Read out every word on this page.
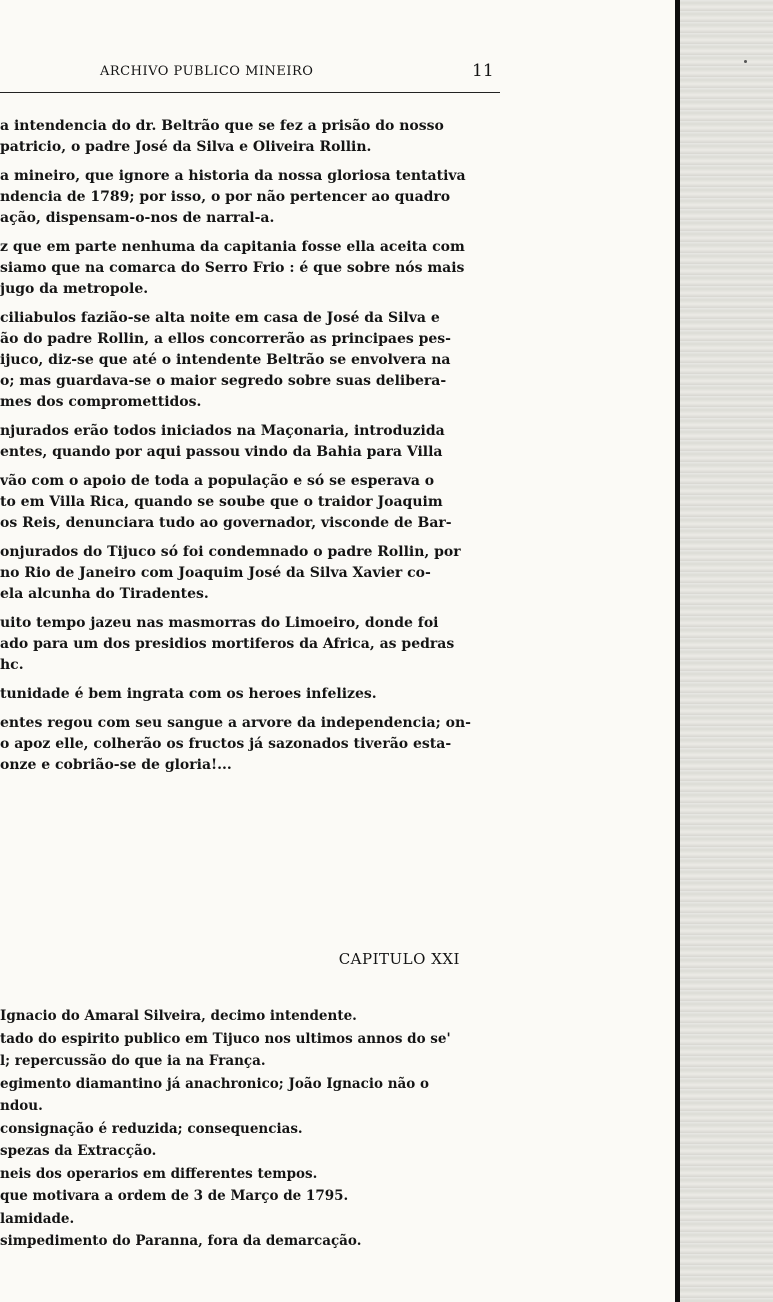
ARCHIVO PUBLICO MINEIRO	11
a intendencia do dr. Beltrão que se fez a prisão do nosso
patricio, o padre José da Silva e Oliveira Rollin.
a mineiro, que ignore a historia da nossa gloriosa tentativa
ndencia de 1789; por isso, o por não pertencer ao quadro
ação, dispensam-o-nos de narral-a.
z que em parte nenhuma da capitania fosse ella aceita com
siamo que na comarca do Serro Frio : é que sobre nós mais
jugo da metropole.
ciliabulos fazião-se alta noite em casa de José da Silva e
ão do padre Rollin, a ellos concorrerão as principaes pes-
ijuco, diz-se que até o intendente Beltrão se envolvera na
o; mas guardava-se o maior segredo sobre suas delibera-
mes dos compromettidos.
njurados erão todos iniciados na Maçonaria, introduzida
entes, quando por aqui passou vindo da Bahia para Villa
vão com o apoio de toda a população e só se esperava o
to em Villa Rica, quando se soube que o traidor Joaquim
os Reis, denunciara tudo ao governador, visconde de Bar-
onjurados do Tijuco só foi condemnado o padre Rollin, por
no Rio de Janeiro com Joaquim José da Silva Xavier co-
ela alcunha do Tiradentes.
uito tempo jazeu nas masmorras do Limoeiro, donde foi
ado para um dos presidios mortiferos da Africa, as pedras
hc.
tunidade é bem ingrata com os heroes infelizes.
entes regou com seu sangue a arvore da independencia; on-
o apoz elle, colherão os fructos já sazonados tiverão esta-
onze e cobrião-se de gloria!...
CAPITULO XXI
Ignacio do Amaral Silveira, decimo intendente.
tado do espirito publico em Tijuco nos ultimos annos do se'
l; repercussão do que ia na França.
egimento diamantino já anachronico; João Ignacio não o
ndou.
consignação é reduzida; consequencias.
spezas da Extracção.
neis dos operarios em differentes tempos.
que motivara a ordem de 3 de Março de 1795.
lamidade.
simpedimento do Paranna, fora da demarcação.
